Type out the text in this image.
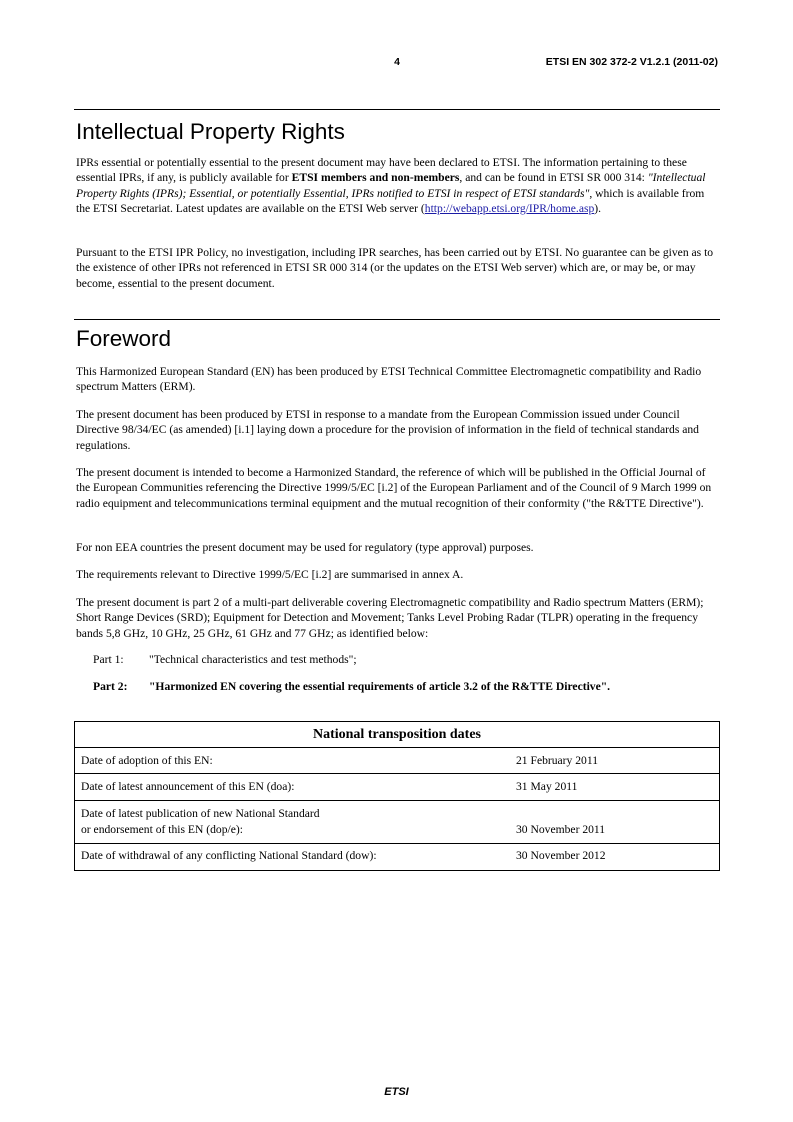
4	ETSI EN 302 372-2 V1.2.1 (2011-02)
Intellectual Property Rights

IPRs essential or potentially essential to the present document may have been declared to ETSI. The information pertaining to these essential IPRs, if any, is publicly available for ETSI members and non-members, and can be found in ETSI SR 000 314: "Intellectual Property Rights (IPRs); Essential, or potentially Essential, IPRs notified to ETSI in respect of ETSI standards", which is available from the ETSI Secretariat. Latest updates are available on the ETSI Web server (http://webapp.etsi.org/IPR/home.asp).

Pursuant to the ETSI IPR Policy, no investigation, including IPR searches, has been carried out by ETSI. No guarantee can be given as to the existence of other IPRs not referenced in ETSI SR 000 314 (or the updates on the ETSI Web server) which are, or may be, or may become, essential to the present document.

Foreword

This Harmonized European Standard (EN) has been produced by ETSI Technical Committee Electromagnetic compatibility and Radio spectrum Matters (ERM).

The present document has been produced by ETSI in response to a mandate from the European Commission issued under Council Directive 98/34/EC (as amended) [i.1] laying down a procedure for the provision of information in the field of technical standards and regulations.

The present document is intended to become a Harmonized Standard, the reference of which will be published in the Official Journal of the European Communities referencing the Directive 1999/5/EC [i.2] of the European Parliament and of the Council of 9 March 1999 on radio equipment and telecommunications terminal equipment and the mutual recognition of their conformity ("the R&TTE Directive").

For non EEA countries the present document may be used for regulatory (type approval) purposes.

The requirements relevant to Directive 1999/5/EC [i.2] are summarised in annex A.

The present document is part 2 of a multi-part deliverable covering Electromagnetic compatibility and Radio spectrum Matters (ERM); Short Range Devices (SRD); Equipment for Detection and Movement; Tanks Level Probing Radar (TLPR) operating in the frequency bands 5,8 GHz, 10 GHz, 25 GHz, 61 GHz and 77 GHz; as identified below:

Part 1: "Technical characteristics and test methods";
Part 2: "Harmonized EN covering the essential requirements of article 3.2 of the R&TTE Directive".
National transposition dates
Date of adoption of this EN:	21 February 2011
Date of latest announcement of this EN (doa):	31 May 2011
Date of latest publication of new National Standard
or endorsement of this EN (dop/e):	30 November 2011
Date of withdrawal of any conflicting National Standard (dow):	30 November 2012
ETSI
